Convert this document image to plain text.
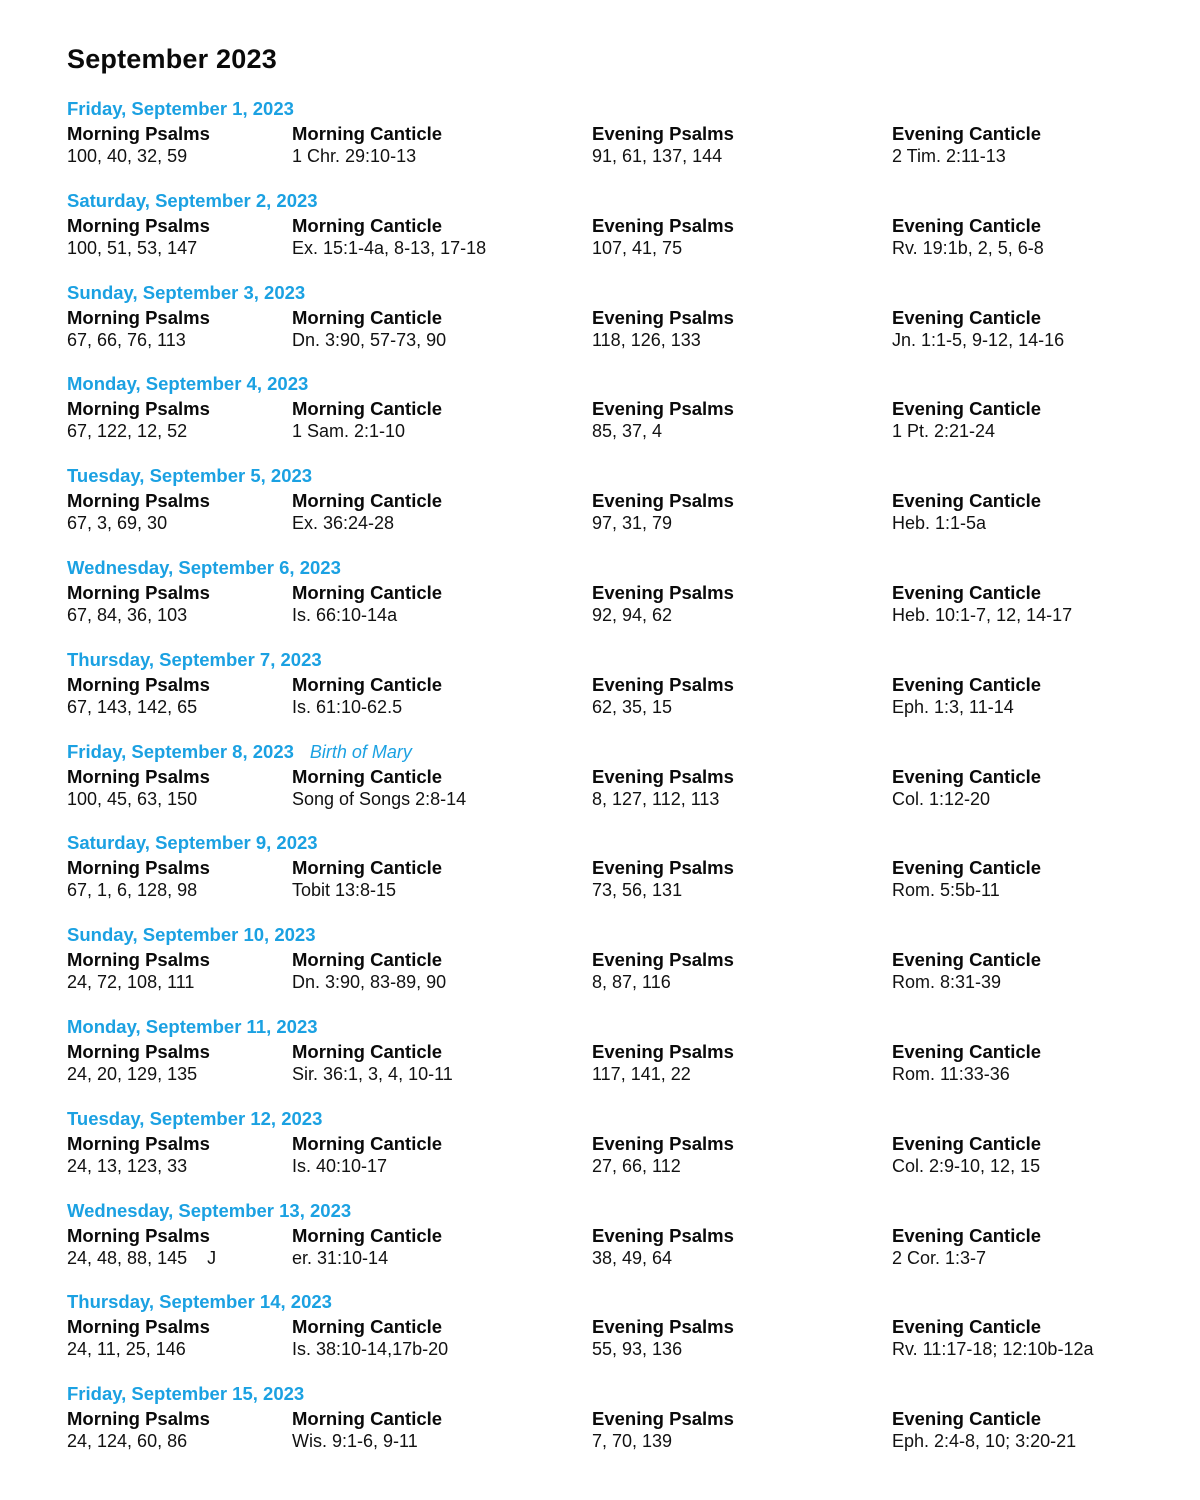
September 2023
Friday, September 1, 2023
Morning Psalms
100, 40, 32, 59
Morning Canticle
1 Chr. 29:10-13
Evening Psalms
91, 61, 137, 144
Evening Canticle
2 Tim. 2:11-13
Saturday, September 2, 2023
Morning Psalms
100, 51, 53, 147
Morning Canticle
Ex. 15:1-4a, 8-13, 17-18
Evening Psalms
107, 41, 75
Evening Canticle
Rv. 19:1b, 2, 5, 6-8
Sunday, September 3, 2023
Morning Psalms
67, 66, 76, 113
Morning Canticle
Dn. 3:90, 57-73, 90
Evening Psalms
118, 126, 133
Evening Canticle
Jn. 1:1-5, 9-12, 14-16
Monday, September 4, 2023
Morning Psalms
67, 122, 12, 52
Morning Canticle
1 Sam. 2:1-10
Evening Psalms
85, 37, 4
Evening Canticle
1 Pt. 2:21-24
Tuesday, September 5, 2023
Morning Psalms
67, 3, 69, 30
Morning Canticle
Ex. 36:24-28
Evening Psalms
97, 31, 79
Evening Canticle
Heb. 1:1-5a
Wednesday, September 6, 2023
Morning Psalms
67, 84, 36, 103
Morning Canticle
Is. 66:10-14a
Evening Psalms
92, 94, 62
Evening Canticle
Heb. 10:1-7, 12, 14-17
Thursday, September 7, 2023
Morning Psalms
67, 143, 142, 65
Morning Canticle
Is. 61:10-62.5
Evening Psalms
62, 35, 15
Evening Canticle
Eph. 1:3, 11-14
Friday, September 8, 2023 Birth of Mary
Morning Psalms
100, 45, 63, 150
Morning Canticle
Song of Songs 2:8-14
Evening Psalms
8, 127, 112, 113
Evening Canticle
Col. 1:12-20
Saturday, September 9, 2023
Morning Psalms
67, 1, 6, 128, 98
Morning Canticle
Tobit 13:8-15
Evening Psalms
73, 56, 131
Evening Canticle
Rom. 5:5b-11
Sunday, September 10, 2023
Morning Psalms
24, 72, 108, 111
Morning Canticle
Dn. 3:90, 83-89, 90
Evening Psalms
8, 87, 116
Evening Canticle
Rom. 8:31-39
Monday, September 11, 2023
Morning Psalms
24, 20, 129, 135
Morning Canticle
Sir. 36:1, 3, 4, 10-11
Evening Psalms
117, 141, 22
Evening Canticle
Rom. 11:33-36
Tuesday, September 12, 2023
Morning Psalms
24, 13, 123, 33
Morning Canticle
Is. 40:10-17
Evening Psalms
27, 66, 112
Evening Canticle
Col. 2:9-10, 12, 15
Wednesday, September 13, 2023
Morning Psalms
24, 48, 88, 145    J
Morning Canticle
er. 31:10-14
Evening Psalms
38, 49, 64
Evening Canticle
2 Cor. 1:3-7
Thursday, September 14, 2023
Morning Psalms
24, 11, 25, 146
Morning Canticle
Is. 38:10-14,17b-20
Evening Psalms
55, 93, 136
Evening Canticle
Rv. 11:17-18; 12:10b-12a
Friday, September 15, 2023
Morning Psalms
24, 124, 60, 86
Morning Canticle
Wis. 9:1-6, 9-11
Evening Psalms
7, 70, 139
Evening Canticle
Eph. 2:4-8, 10; 3:20-21
